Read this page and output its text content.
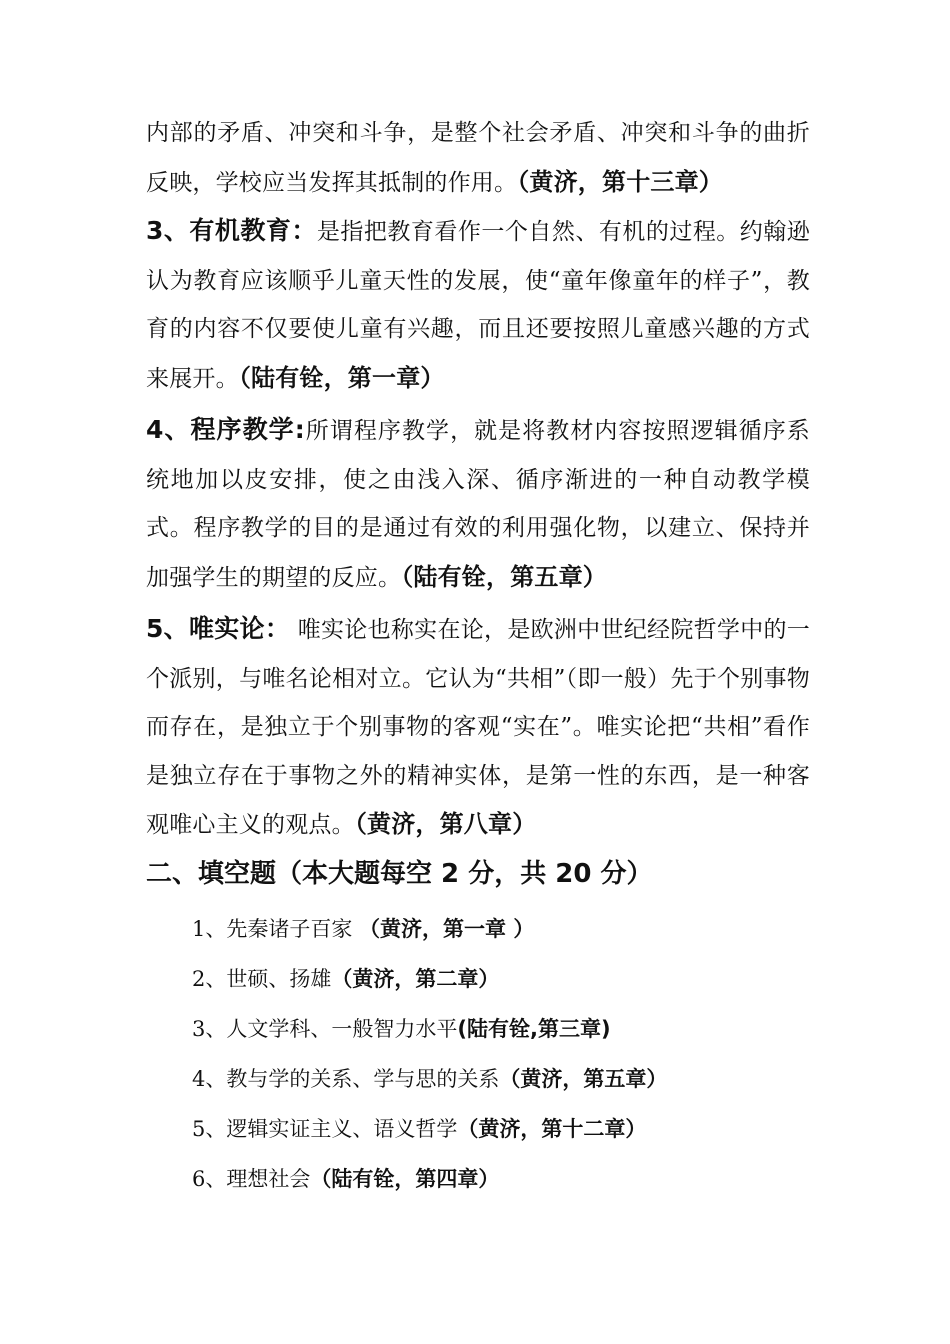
内部的矛盾、冲突和斗争，是整个社会矛盾、冲突和斗争的曲折反映，学校应当发挥其抵制的作用。（黄济，第十三章）

3、有机教育：是指把教育看作一个自然、有机的过程。约翰逊认为教育应该顺乎儿童天性的发展，使“童年像童年的样子”，教育的内容不仅要使儿童有兴趣，而且还要按照儿童感兴趣的方式来展开。（陆有铨，第一章）

4、程序教学:所谓程序教学，就是将教材内容按照逻辑循序系统地加以皮安排，使之由浅入深、循序渐进的一种自动教学模式。程序教学的目的是通过有效的利用强化物，以建立、保持并加强学生的期望的反应。（陆有铨，第五章）

5、唯实论： 唯实论也称实在论，是欧洲中世纪经院哲学中的一个派别，与唯名论相对立。它认为“共相”（即一般）先于个别事物而存在，是独立于个别事物的客观“实在”。唯实论把“共相”看作是独立存在于事物之外的精神实体，是第一性的东西，是一种客观唯心主义的观点。（黄济，第八章）

二、填空题（本大题每空 2 分，共 20 分）
1、先秦诸子百家 （黄济，第一章 ）
2、世硕、扬雄（黄济，第二章）
3、人文学科、一般智力水平(陆有铨,第三章)
4、教与学的关系、学与思的关系（黄济，第五章）
5、逻辑实证主义、语义哲学（黄济，第十二章）
6、理想社会（陆有铨，第四章）
